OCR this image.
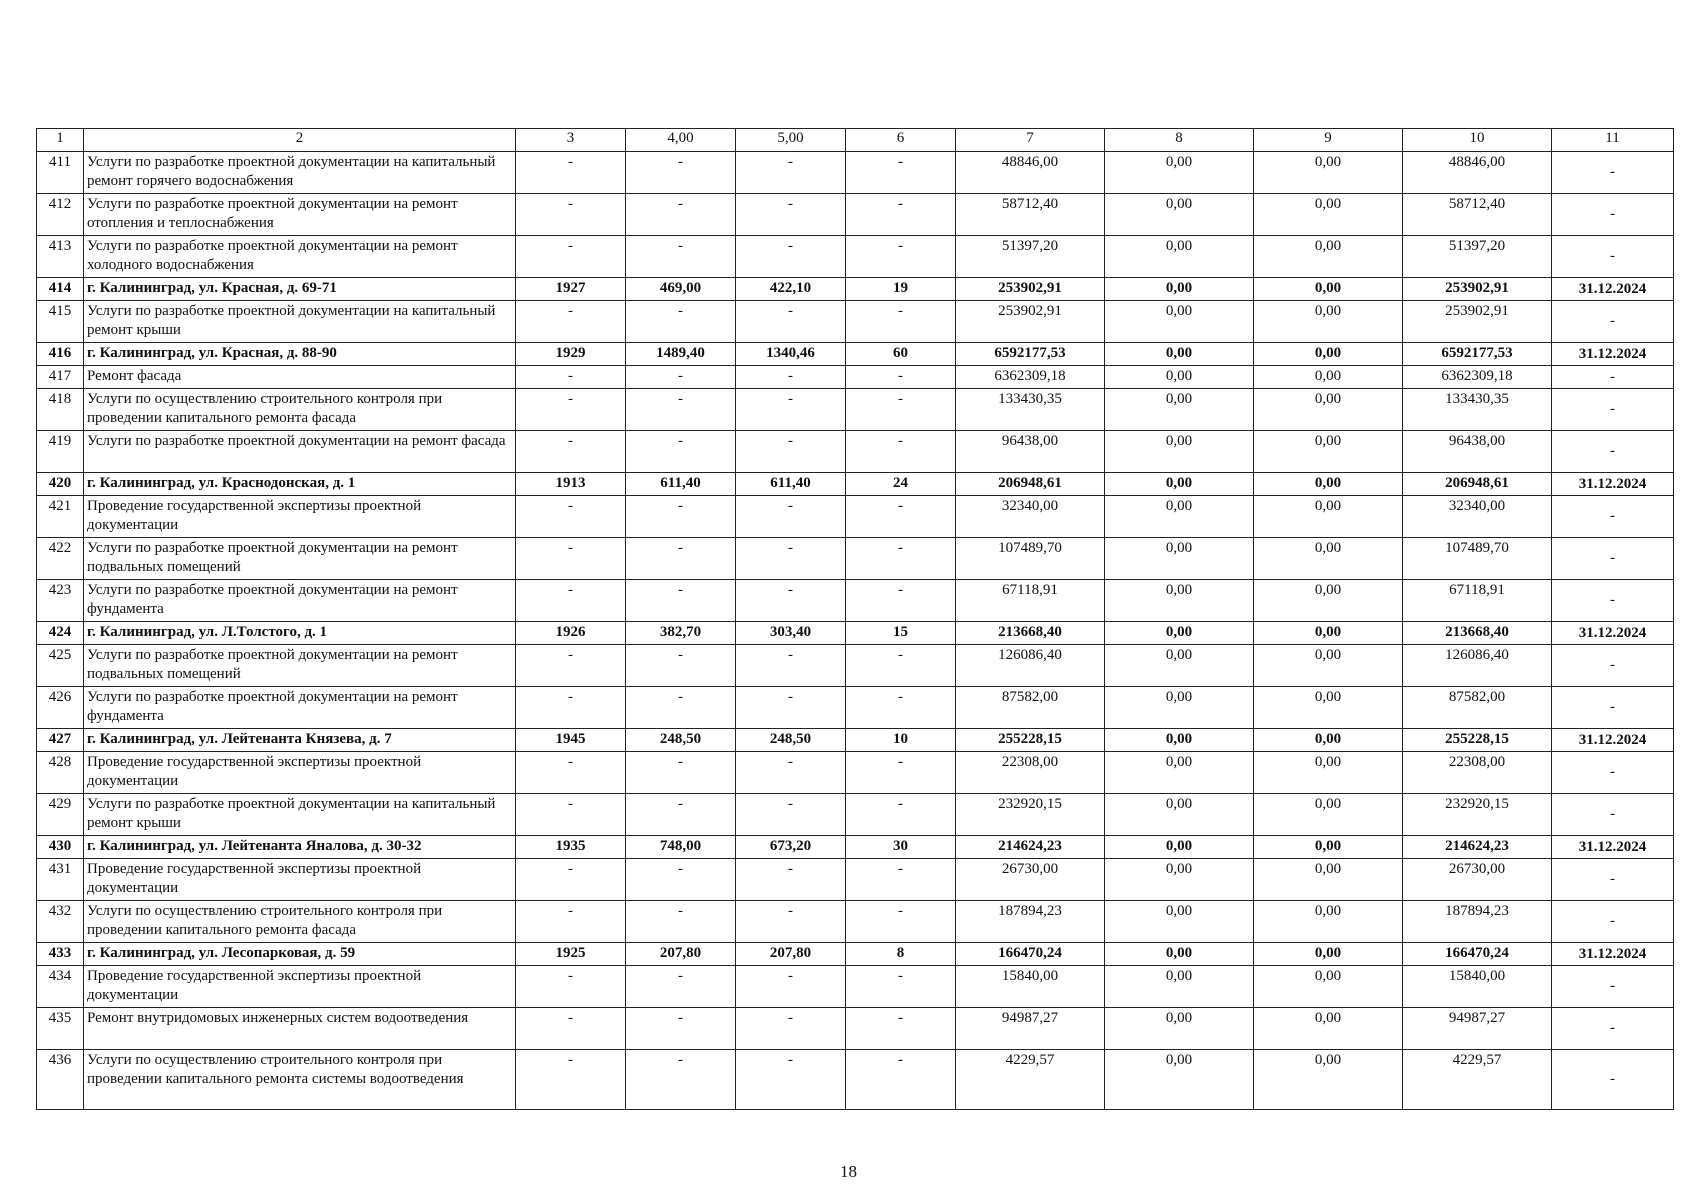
1	2	3	4,00	5,00	6	7	8	9	10	11
411	Услуги по разработке проектной документации на капитальный ремонт горячего водоснабжения	-	-	-	-	48846,00	0,00	0,00	48846,00	-
412	Услуги по разработке проектной документации на ремонт отопления и теплоснабжения	-	-	-	-	58712,40	0,00	0,00	58712,40	-
413	Услуги по разработке проектной документации на ремонт холодного водоснабжения	-	-	-	-	51397,20	0,00	0,00	51397,20	-
414	г. Калининград, ул. Красная, д. 69-71	1927	469,00	422,10	19	253902,91	0,00	0,00	253902,91	31.12.2024
415	Услуги по разработке проектной документации на капитальный ремонт крыши	-	-	-	-	253902,91	0,00	0,00	253902,91	-
416	г. Калининград, ул. Красная, д. 88-90	1929	1489,40	1340,46	60	6592177,53	0,00	0,00	6592177,53	31.12.2024
417	Ремонт фасада	-	-	-	-	6362309,18	0,00	0,00	6362309,18	-
418	Услуги по осуществлению строительного контроля при проведении капитального ремонта фасада	-	-	-	-	133430,35	0,00	0,00	133430,35	-
419	Услуги по разработке проектной документации на ремонт фасада	-	-	-	-	96438,00	0,00	0,00	96438,00	-
420	г. Калининград, ул. Краснодонская, д. 1	1913	611,40	611,40	24	206948,61	0,00	0,00	206948,61	31.12.2024
421	Проведение государственной экспертизы проектной документации	-	-	-	-	32340,00	0,00	0,00	32340,00	-
422	Услуги по разработке проектной документации на ремонт подвальных помещений	-	-	-	-	107489,70	0,00	0,00	107489,70	-
423	Услуги по разработке проектной документации на ремонт фундамента	-	-	-	-	67118,91	0,00	0,00	67118,91	-
424	г. Калининград, ул. Л.Толстого, д. 1	1926	382,70	303,40	15	213668,40	0,00	0,00	213668,40	31.12.2024
425	Услуги по разработке проектной документации на ремонт подвальных помещений	-	-	-	-	126086,40	0,00	0,00	126086,40	-
426	Услуги по разработке проектной документации на ремонт фундамента	-	-	-	-	87582,00	0,00	0,00	87582,00	-
427	г. Калининград, ул. Лейтенанта Князева, д. 7	1945	248,50	248,50	10	255228,15	0,00	0,00	255228,15	31.12.2024
428	Проведение государственной экспертизы проектной документации	-	-	-	-	22308,00	0,00	0,00	22308,00	-
429	Услуги по разработке проектной документации на капитальный ремонт крыши	-	-	-	-	232920,15	0,00	0,00	232920,15	-
430	г. Калининград, ул. Лейтенанта Яналова, д. 30-32	1935	748,00	673,20	30	214624,23	0,00	0,00	214624,23	31.12.2024
431	Проведение государственной экспертизы проектной документации	-	-	-	-	26730,00	0,00	0,00	26730,00	-
432	Услуги по осуществлению строительного контроля при проведении капитального ремонта фасада	-	-	-	-	187894,23	0,00	0,00	187894,23	-
433	г. Калининград, ул. Лесопарковая, д. 59	1925	207,80	207,80	8	166470,24	0,00	0,00	166470,24	31.12.2024
434	Проведение государственной экспертизы проектной документации	-	-	-	-	15840,00	0,00	0,00	15840,00	-
435	Ремонт внутридомовых инженерных систем водоотведения	-	-	-	-	94987,27	0,00	0,00	94987,27	-
436	Услуги по осуществлению строительного контроля при проведении капитального ремонта системы водоотведения	-	-	-	-	4229,57	0,00	0,00	4229,57	-
18
